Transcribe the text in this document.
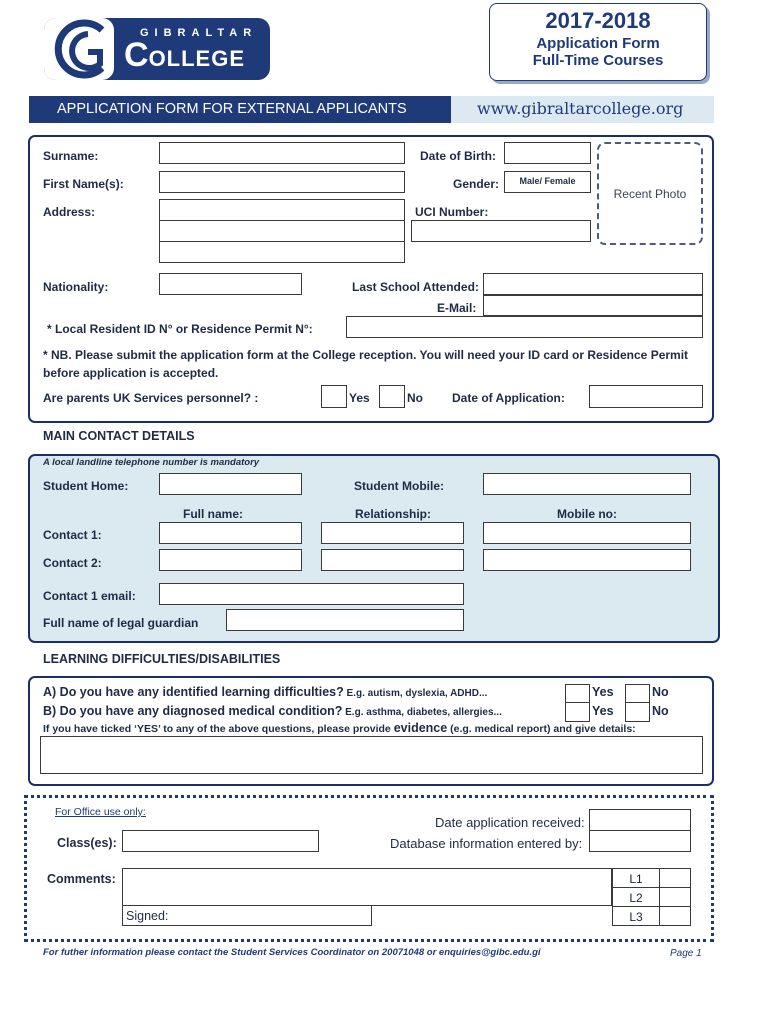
GIBRALTAR
COLLEGE
2017-2018
Application Form
Full-Time Courses
APPLICATION FORM FOR EXTERNAL APPLICANTS	www.gibraltarcollege.org
Surname:
First Name(s):
Address:
Date of Birth:
Gender:	Male/ Female
UCI Number:
Recent Photo
Nationality:	Last School Attended:
E-Mail:
* Local Resident ID N° or Residence Permit N°:
* NB. Please submit the application form at the College reception. You will need your ID card or Residence Permit before application is accepted.
Are parents UK Services personnel? :	Yes	No Date of Application:
MAIN CONTACT DETAILS
A local landline telephone number is mandatory
Student Home:	Student Mobile:
Full name:	Relationship:	Mobile no:
Contact 1:
Contact 2:
Contact 1 email:
Full name of legal guardian
LEARNING DIFFICULTIES/DISABILITIES
A) Do you have any identified learning difficulties? E.g. autism, dyslexia, ADHD...	Yes	No
B) Do you have any diagnosed medical condition? E.g. asthma, diabetes, allergies...	Yes	No
If you have ticked ‘YES’ to any of the above questions, please provide evidence (e.g. medical report) and give details:
For Office use only:
Date application received:
Database information entered by:
Class(es):
Comments:
Signed:
L1
L2
L3
For futher information please contact the Student Services Coordinator on 20071048 or enquiries@gibc.edu.gi	Page 1
